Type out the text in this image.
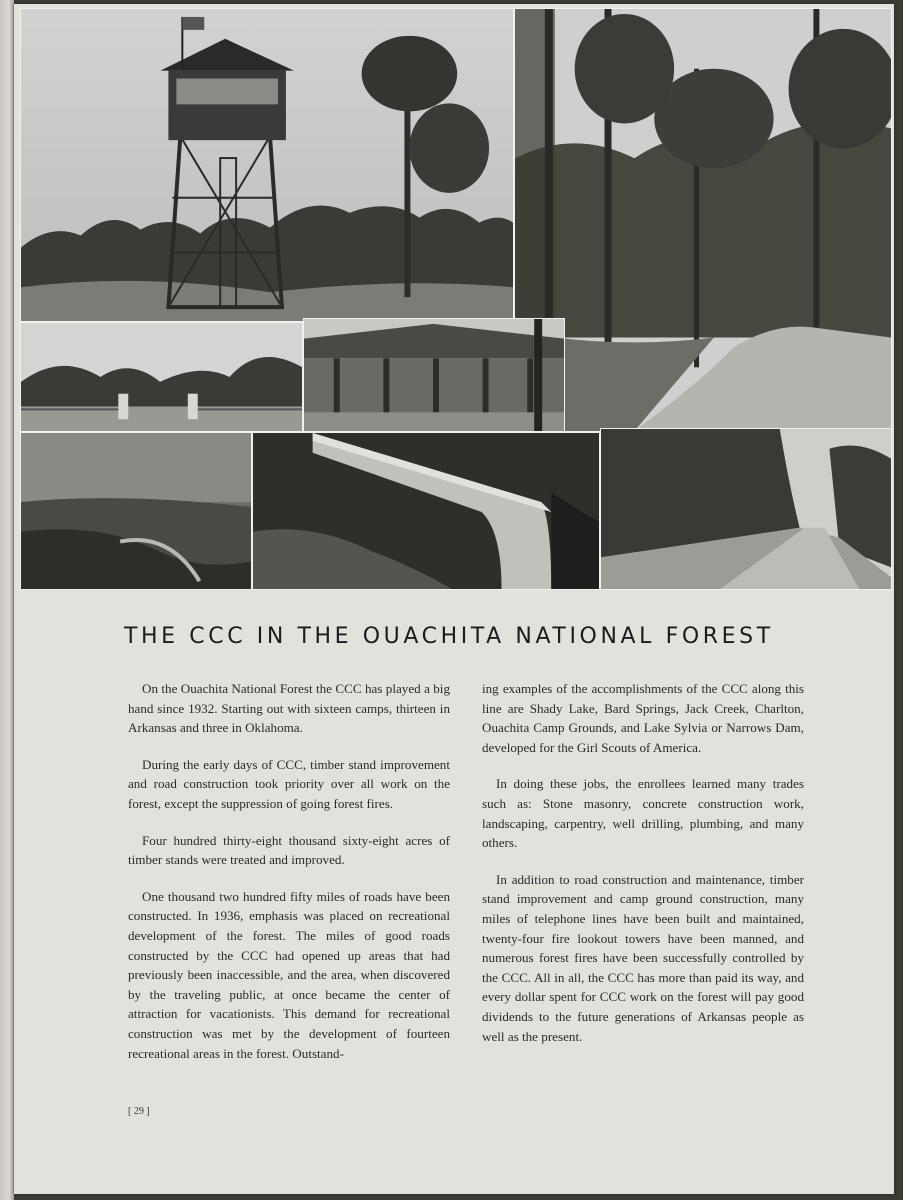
THE CCC IN THE OUACHITA NATIONAL FOREST

On the Ouachita National Forest the CCC has played a big hand since 1932. Starting out with sixteen camps, thirteen in Arkansas and three in Oklahoma.

During the early days of CCC, timber stand improvement and road construction took priority over all work on the forest, except the suppression of going forest fires.

Four hundred thirty-eight thousand sixty-eight acres of timber stands were treated and improved.

One thousand two hundred fifty miles of roads have been constructed. In 1936, emphasis was placed on recreational development of the forest. The miles of good roads constructed by the CCC had opened up areas that had previously been inaccessible, and the area, when discovered by the traveling public, at once became the center of attraction for vacationists. This demand for recreational construction was met by the development of fourteen recreational areas in the forest. Outstand-

ing examples of the accomplishments of the CCC along this line are Shady Lake, Bard Springs, Jack Creek, Charlton, Ouachita Camp Grounds, and Lake Sylvia or Narrows Dam, developed for the Girl Scouts of America.

In doing these jobs, the enrollees learned many trades such as: Stone masonry, concrete construction work, landscaping, carpentry, well drilling, plumbing, and many others.

In addition to road construction and maintenance, timber stand improvement and camp ground construction, many miles of telephone lines have been built and maintained, twenty-four fire lookout towers have been manned, and numerous forest fires have been successfully controlled by the CCC. All in all, the CCC has more than paid its way, and every dollar spent for CCC work on the forest will pay good dividends to the future generations of Arkansas people as well as the present.

[ 29 ]
